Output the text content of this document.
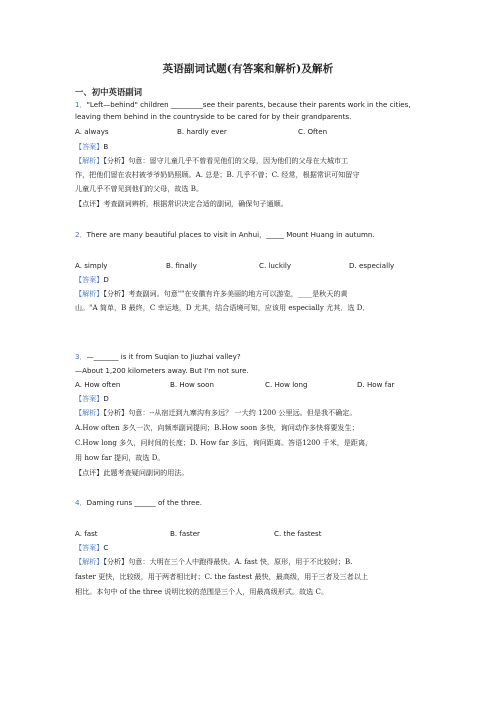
英语副词试题(有答案和解析)及解析
一、初中英语副词
1．"Left—behind" children _________see their parents, because their parents work in the cities,
leaving them behind in the countryside to be cared for by their grandparents.
A. always	B. hardly ever	C. Often
【答案】B
【解析】【分析】句意：留守儿童几乎不曾看见他们的父母，因为他们的父母在大城市工
作，把他们留在农村被爷爷奶奶照顾。A. 总是；B. 几乎不曾；C. 经常，根据常识可知留守
儿童几乎不曾见到他们的父母，故选 B。
【点评】考查副词辨析，根据常识决定合适的副词，确保句子通顺。
2．There are many beautiful places to visit in Anhui，_____ Mount Huang in autumn.
A. simply	B. finally	C. luckily	D. especially
【答案】D
【解析】【分析】考查副词。句意""在安徽有许多美丽的地方可以游览，____是秋天的黄
山。"A 简单，B 最终，C 幸运地，D 尤其，结合语境可知，应该用 especially 尤其．选 D．
3．—_______ is it from Suqian to Jiuzhai valley?
—About 1,200 kilometers away. But I'm not sure.
A. How often	B. How soon	C. How long	D. How far
【答案】D
【解析】【分析】句意：--从宿迁到九寨沟有多远？ 一大约 1200 公里远。但是我不确定。
A.How often 多久一次，向频率副词提问；B.How soon 多快，询问动作多快将要发生；
C.How long 多久，问时间的长度；D. How far 多远，询问距离。答语1200 千米，是距离，
用 how far 提问，故选 D。
【点评】此题考查疑问副词的用法。
4．Daming runs ______ of the three.
A. fast	B. faster	C. the fastest
【答案】C
【解析】【分析】句意：大明在三个人中跑得最快。A. fast 快，原形，用于不比较时；B.
faster 更快，比较级，用于两者相比时；C. the fastest 最快，最高级，用于三者及三者以上
相比。本句中 of the three 说明比较的范围是三个人，用最高级形式。故选 C。
